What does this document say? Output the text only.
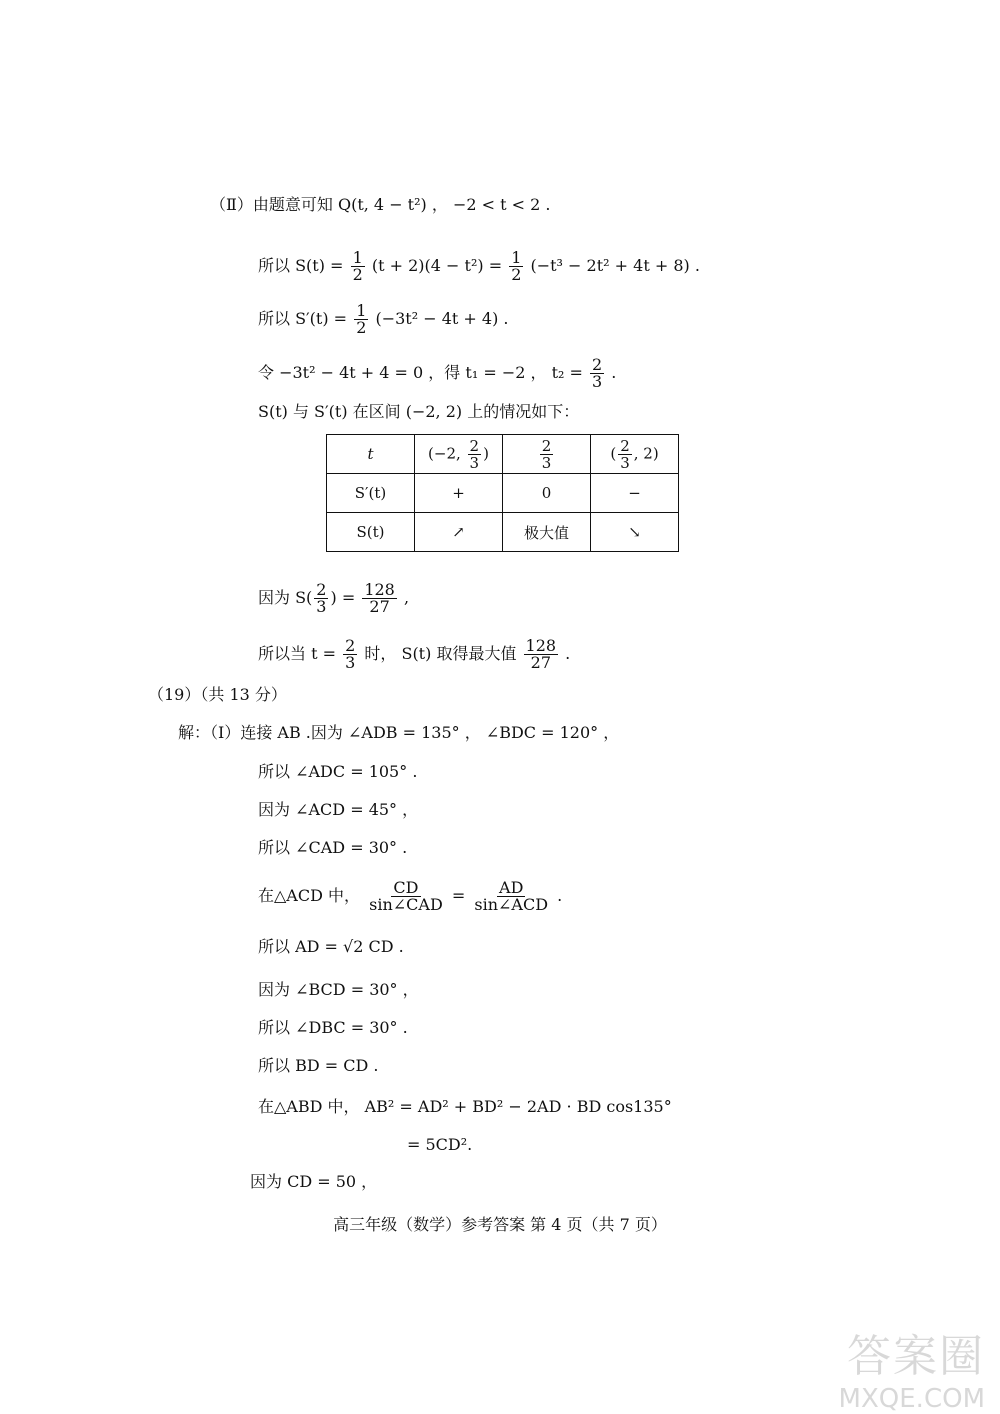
（Ⅱ）由题意可知 Q(t, 4 − t²) ， −2 < t < 2 .
所以 $S(t) = \frac{1}{2} (t + 2)(4 - t^2) = \frac{1}{2} (-t^3 - 2t^2 + 4t + 8)$ .
所以 $S'(t) = \frac{1}{2} (-3t^2 - 4t + 4)$ .
令 −3t² − 4t + 4 = 0 ，得 t₁ = −2 ， $t_2 = \frac{2}{3}$ .
S(t) 与 S′(t) 在区间 (−2, 2) 上的情况如下：
t	(−2, $\frac{2}{3}$ )	$\frac{2}{3}$	( $\frac{2}{3}$ , 2)
S′(t)	+	0	−
S(t)	↗	极大值	↘
因为 $S( \frac{2}{3}$ ) = $\frac{128}{27}$ ,
所以当 $t = \frac{2}{3}$ 时， S(t) 取得最大值 $\frac{128}{27}$ .
（19）（共 13 分）
解：（Ⅰ）连接 AB .因为 ∠ADB = 135° ， ∠BDC = 120° ，
所以 ∠ADC = 105° .
因为 ∠ACD = 45° ，
所以 ∠CAD = 30° .
在△ACD 中， $\frac{CD}{\text{sin∠CAD}} = \frac{AD}{\text{sin∠ACD}}$ .
所以 AD = √2 CD .
因为 ∠BCD = 30° ，
所以 ∠DBC = 30° .
所以 BD = CD .
在△ABD 中， AB² = AD² + BD² − 2AD · BD cos135°
= 5CD².
因为 CD = 50 ，
高三年级（数学）参考答案 第 4 页（共 7 页）
答案圈
MXQE.COM
